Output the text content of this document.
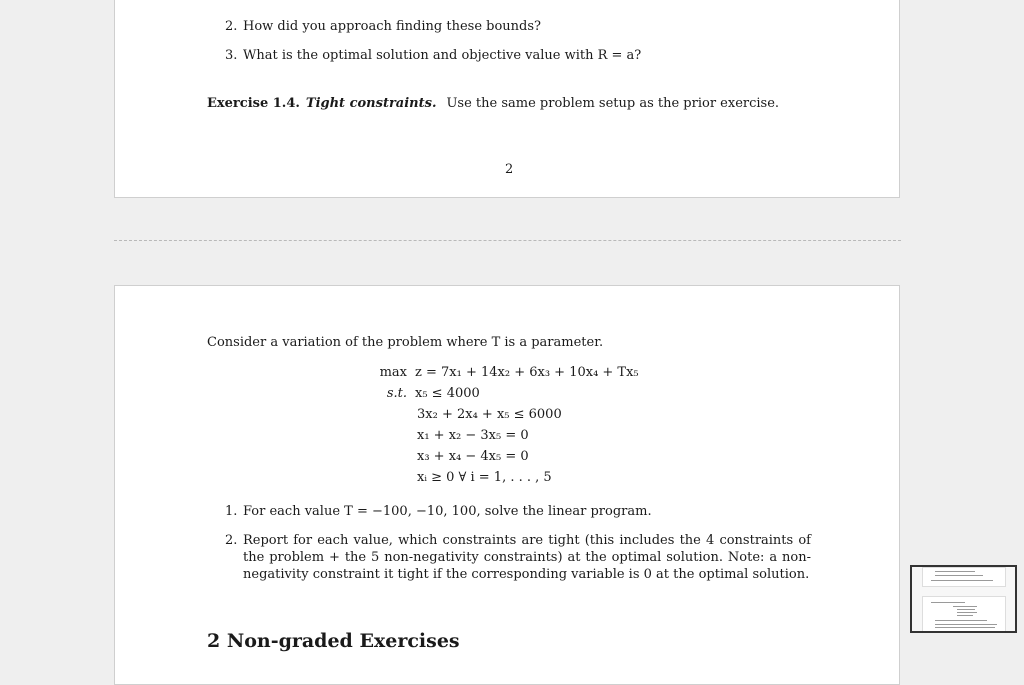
2. How did you approach finding these bounds?
3. What is the optimal solution and objective value with R = a?
Exercise 1.4. Tight constraints. Use the same problem setup as the prior exercise.
2
Consider a variation of the problem where T is a parameter.
max z = 7x₁ + 14x₂ + 6x₃ + 10x₄ + Tx₅
s.t. x₅ ≤ 4000
3x₂ + 2x₄ + x₅ ≤ 6000
x₁ + x₂ − 3x₅ = 0
x₃ + x₄ − 4x₅ = 0
xᵢ ≥ 0 ∀ i = 1, . . . , 5
1. For each value T = −100, −10, 100, solve the linear program.
2. Report for each value, which constraints are tight (this includes the 4 constraints of the problem + the 5 non-negativity constraints) at the optimal solution. Note: a non-negativity constraint it tight if the corresponding variable is 0 at the optimal solution.
2 Non-graded Exercises
